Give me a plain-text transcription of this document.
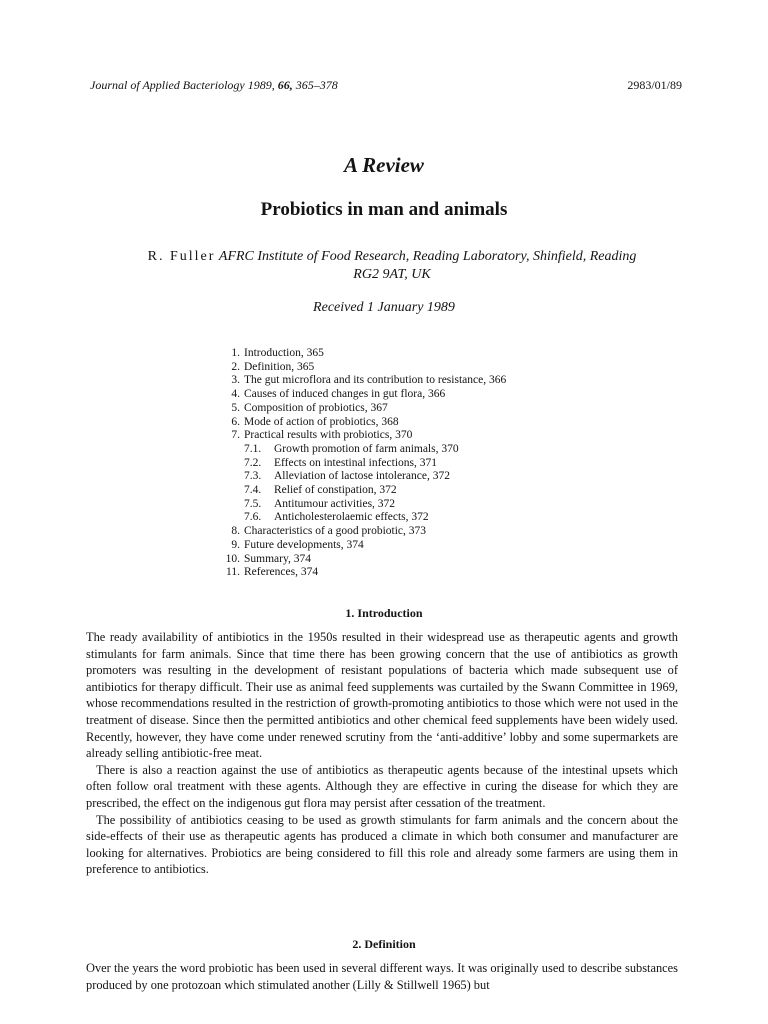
Journal of Applied Bacteriology 1989, 66, 365–378	2983/01/89
A Review
Probiotics in man and animals
R. Fuller AFRC Institute of Food Research, Reading Laboratory, Shinfield, Reading
RG2 9AT, UK
Received 1 January 1989
1. Introduction, 365
2. Definition, 365
3. The gut microflora and its contribution to resistance, 366
4. Causes of induced changes in gut flora, 366
5. Composition of probiotics, 367
6. Mode of action of probiotics, 368
7. Practical results with probiotics, 370
7.1. Growth promotion of farm animals, 370
7.2. Effects on intestinal infections, 371
7.3. Alleviation of lactose intolerance, 372
7.4. Relief of constipation, 372
7.5. Antitumour activities, 372
7.6. Anticholesterolaemic effects, 372
8. Characteristics of a good probiotic, 373
9. Future developments, 374
10. Summary, 374
11. References, 374
1. Introduction

The ready availability of antibiotics in the 1950s resulted in their widespread use as therapeutic agents and growth stimulants for farm animals. Since that time there has been growing concern that the use of antibiotics as growth promoters was resulting in the development of resistant populations of bacteria which made subsequent use of antibiotics for therapy difficult. Their use as animal feed supplements was curtailed by the Swann Committee in 1969, whose recommendations resulted in the restriction of growth-promoting antibiotics to those which were not used in the treatment of disease. Since then the permitted antibiotics and other chemical feed supplements have been widely used. Recently, however, they have come under renewed scrutiny from the ‘anti-additive’ lobby and some supermarkets are already selling antibiotic-free meat.

There is also a reaction against the use of antibiotics as therapeutic agents because of the intestinal upsets which often follow oral treatment with these agents. Although they are effective in curing the disease for which they are prescribed, the effect on the indigenous gut flora may persist after cessation of the treatment.

The possibility of antibiotics ceasing to be used as growth stimulants for farm animals and the concern about the side-effects of their use as therapeutic agents has produced a climate in which both consumer and manufacturer are looking for alternatives. Probiotics are being considered to fill this role and already some farmers are using them in preference to antibiotics.

2. Definition

Over the years the word probiotic has been used in several different ways. It was originally used to describe substances produced by one protozoan which stimulated another (Lilly & Stillwell 1965) but
